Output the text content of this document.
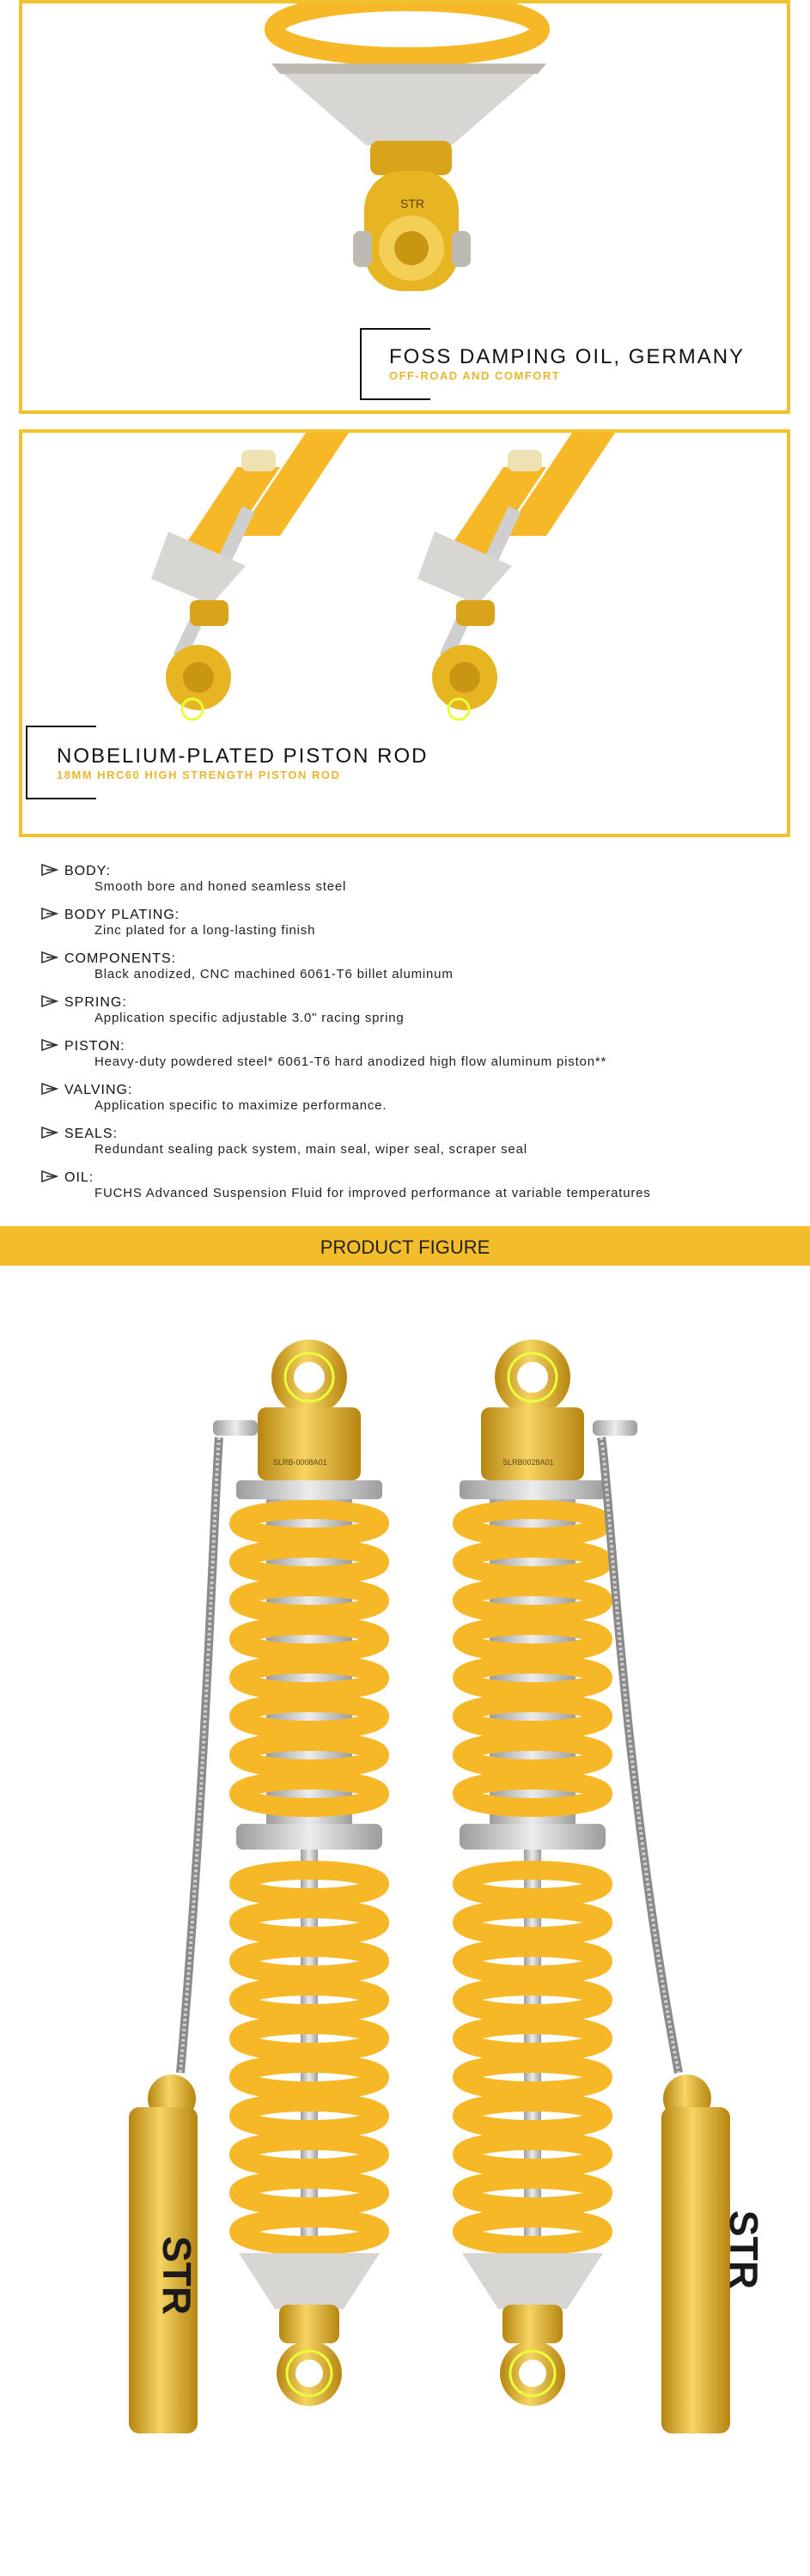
STR
FOSS DAMPING OIL, GERMANY
OFF-ROAD AND COMFORT
NOBELIUM-PLATED PISTON ROD
18MM HRC60 HIGH STRENGTH PISTON ROD
BODY:
Smooth bore and honed seamless steel
BODY PLATING:
Zinc plated for a long-lasting finish
COMPONENTS:
Black anodized, CNC machined 6061-T6 billet aluminum
SPRING:
Application specific adjustable 3.0" racing spring
PISTON:
Heavy-duty powdered steel* 6061-T6 hard anodized high flow aluminum piston**
VALVING:
Application specific to maximize performance.
SEALS:
Redundant sealing pack system, main seal, wiper seal, scraper seal
OIL:
FUCHS Advanced Suspension Fluid for improved performance at variable temperatures
PRODUCT FIGURE
SLRB-0008A01
STR
SLRB0028A01
STR
